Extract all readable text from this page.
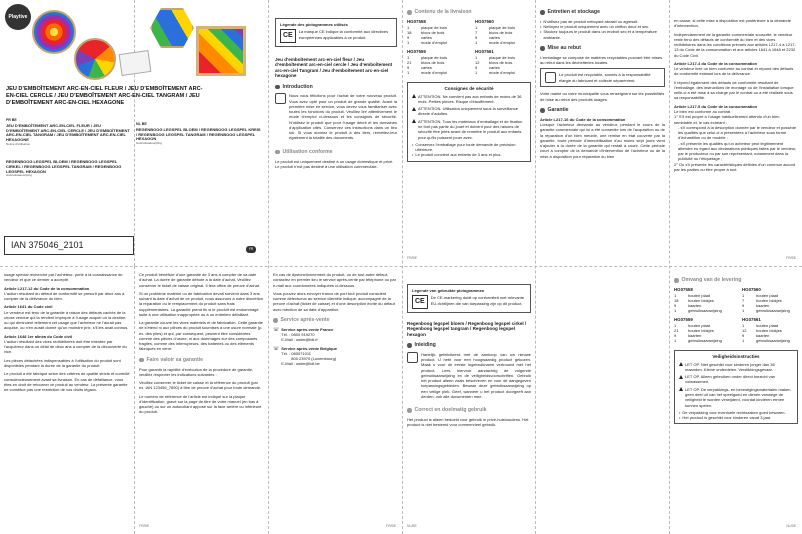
Playtive
JEU D’EMBOÎTEMENT ARC-EN-CIEL FLEUR / JEU D’EMBOÎTEMENT ARC-EN-CIEL CERCLE / JEU D’EMBOÎTEMENT ARC-EN-CIEL TANGRAM / JEU D’EMBOÎTEMENT ARC-EN-CIEL HEXAGONE
FR BE
JEU D’EMBOÎTEMENT ARC-EN-CIEL FLEUR / JEU D’EMBOÎTEMENT ARC-EN-CIEL CERCLE / JEU D’EMBOÎTEMENT ARC-EN-CIEL TANGRAM / JEU D’EMBOÎTEMENT ARC-EN-CIEL HEXAGONE
Notice d’utilisation
NL BE
REGENBOOG LEGSPEL BLOEM / REGENBOOG LEGSPEL KREIS / REGENBOOG LEGSPEL TANGRAM / REGENBOOG LEGSPEL HEXAGON
Gebruiksaanwijzing
REGENBOOG LEGSPEL BLOEM / REGENBOOG LEGSPEL CIRKEL / REGENBOOG LEGSPEL TANGRAM / REGENBOOG LEGSPEL HEXAGON
Gebruiksaanwijzing
IAN 375046_2101	FR
Légende des pictogrammes utilisés
CE
La marque CE indique la conformité aux directives européennes applicables à ce produit.
Jeu d’emboîtement arc-en-ciel fleur / Jeu d’emboîtement arc-en-ciel cercle / Jeu d’emboîtement arc-en-ciel Tangram / Jeu d’emboîtement arc-en-ciel hexagone
Introduction

Nous vous félicitons pour l’achat de votre nouveau produit. Vous avez opté pour un produit de grande qualité. Avant la première mise en service, vous devez vous familiariser avec toutes les fonctions du produit. Veuillez lire attentivement le mode d’emploi ci-dessous et les consignes de sécurité. N’utilisez le produit que pour l’usage décrit et les domaines d’application cités. Conservez ces instructions dans un lieu sûr. Si vous donnez le produit à des tiers, remettez-leur également la totalité des documents.

Utilisation conforme

Le produit est uniquement destiné à un usage domestique et privé. Le produit n’est pas destiné à une utilisation commerciale.

Contenu de la livraison
HG07558
1	plaque de bois
18	blocs de bois
9	cartes
1	mode d’emploi
HG07560
1	plaque de bois
7	blocs de bois
9	cartes
1	mode d’emploi
HG07559
1	plaque de bois
21	blocs de bois
9	cartes
1	mode d’emploi
HG07561
1	plaque de bois
12	blocs de bois
9	cartes
1	mode d’emploi
Consignes de sécurité
ATTENTION. Ne convient pas aux enfants de moins de 36 mois. Petites pièces. Risque d’étouffement.
ATTENTION. Utilisation uniquement sous la surveillance directe d’adultes.
ATTENTION. Tous les matériaux d’emballage et de fixation ne font pas partie du jouet et doivent pour des raisons de sécurité être jetés avant de remettre le produit aux enfants pour qu’ils puissent jouer avec.
• Conservez l’emballage pour toute demande de précision ultérieure.
• Le produit convient aux enfants de 3 ans et plus.
FR/BE
Entretien et stockage
• N’utilisez pas de produit nettoyant abrasif ou agressif.
• Nettoyez le produit uniquement avec un chiffon doux et sec.
• Stockez toujours le produit dans un endroit sec et à température ambiante.
Mise au rebut

L’emballage se compose de matières recyclables pouvant être mises au rebut dans les déchetteries locales.

Le produit est recyclable, soumis à la responsabilité élargie du fabricant et collecté séparément.

Votre mairie ou votre municipalité vous renseignent sur les possibilités de mise au rebut des produits usagés.

Garantie
Article L217-16 du Code de la consommation

Lorsque l’acheteur demande au vendeur, pendant le cours de la garantie commerciale qui lui a été consentie lors de l’acquisition ou de la réparation d’un bien meuble, une remise en état couverte par la garantie, toute période d’immobilisation d’au moins sept jours vient s’ajouter à la durée de la garantie qui restait à courir. Cette période court à compter de la demande d’intervention de l’acheteur ou de la mise à disposition pour réparation du bien

en cause, si cette mise à disposition est postérieure à la demande d’intervention.

Indépendamment de la garantie commerciale souscrite, le vendeur reste tenu des défauts de conformité du bien et des vices rédhibitoires dans les conditions prévues aux articles L217-4 à L217-13 du Code de la consommation et aux articles 1641 à 1648 et 2232 du Code Civil.

Article L217-4 du Code de la consommation

Le vendeur livre un bien conforme au contrat et répond des défauts de conformité existant lors de la délivrance.

Il répond également des défauts de conformité résultant de l’emballage, des instructions de montage ou de l’installation lorsque celle-ci a été mise à sa charge par le contrat ou a été réalisée sous sa responsabilité.

Article L217-5 du Code de la consommation
Le bien est conforme au contrat :
1° S’il est propre à l’usage habituellement attendu d’un bien semblable et, le cas échéant :
- s’il correspond à la description donnée par le vendeur et possède les qualités que celui-ci a présentées à l’acheteur sous forme d’échantillon ou de modèle ;
- s’il présente les qualités qu’un acheteur peut légitimement attendre eu égard aux déclarations publiques faites par le vendeur, par le producteur ou par son représentant, notamment dans la publicité ou l’étiquetage ;
2° Ou s’il présente les caractéristiques définies d’un commun accord par les parties ou être propre à tout
FR/BE

usage spécial recherché par l’acheteur, porté à la connaissance du vendeur et que ce dernier a accepté.

Article L217-12 du Code de la consommation

L’action résultant du défaut de conformité se prescrit par deux ans à compter de la délivrance du bien.

Article 1641 du Code civil

Le vendeur est tenu de la garantie à raison des défauts cachés de la chose vendue qui la rendent impropre à l’usage auquel on la destine, ou qui diminuent tellement cet usage que l’acheteur ne l’aurait pas acquise, ou n’en aurait donné qu’un moindre prix, s’il les avait connus.

Article 1648 1er alinéa du Code civil

L’action résultant des vices rédhibitoires doit être intentée par l’acquéreur dans un délai de deux ans à compter de la découverte du vice.

Les pièces détachées indispensables à l’utilisation du produit sont disponibles pendant la durée de la garantie du produit.

Le produit a été fabriqué selon des critères de qualité stricts et contrôlé consciencieusement avant sa livraison. En cas de défaillance, vous êtes en droit de retourner ce produit au vendeur. La présente garantie ne constitue pas une restriction de vos droits légaux.

Ce produit bénéficie d’une garantie de 3 ans à compter de sa date d’achat. La durée de garantie débute à la date d’achat. Veuillez conserver le ticket de caisse original. Il fera office de preuve d’achat.

Si un problème matériel ou de fabrication devait survenir dans 3 ans suivant la date d’achat de ce produit, nous assurons à notre discrétion la réparation ou le remplacement du produit sans frais supplémentaires. La garantie prend fin si le produit est endommagé suite à une utilisation inappropriée ou à un entretien défaillant.

La garantie couvre les vices matériels et de fabrication. Cette garantie ne s’étend ni aux pièces du produit soumises à une usure normale (p. ex. des piles) et qui, par conséquent, peuvent être considérées comme des pièces d’usure, ni aux dommages sur des composants fragiles, comme des interrupteurs, des batteries ou des éléments fabriqués en verre.

Faire valoir sa garantie

Pour garantir la rapidité d’exécution de la procédure de garantie, veuillez respecter les indications suivantes :

Veuillez conserver le ticket de caisse et la référence du produit (par ex. IAN 123456_7890) à titre de preuve d’achat pour toute demande.

Le numéro de référence de l’article est indiqué sur la plaque d’identification, gravé sur la page de titre de votre manuel (en bas à gauche) ou sur un autocollant apposé sur la face arrière ou inférieure du produit.

FR/BE

En cas de dysfonctionnement du produit, ou de tout autre défaut, contactez en premier lieu le service après-vente par téléphone ou par e-mail aux coordonnées indiquées ci-dessous.

Vous pouvez alors envoyer franco de port tout produit considéré comme défectueux au service clientèle indiqué, accompagné de la preuve d’achat (ticket de caisse) et d’une description écrite du défaut avec mention de sa date d’apparition.

Service après-vente
☏ Service après-vente France
Tél. : 0800 919270
E-Mail : owim@lidl.fr
☏ Service après-vente Belgique
Tél. : 080071011
800 23970 (Luxembourg)
E-Mail : owim@lidl.be
FR/BE
Legende van gebruikte pictogrammen
CE
De CE-markering duidt op conformiteit met relevante EU-richtlijnen die van toepassing zijn op dit product.
Regenboog legspel bloem / Regenboog legspel cirkel / Regenboog legspel tangram / Regenboog legspel hexagon
Inleiding

Hartelijk gefeliciteerd met de aankoop van uw nieuwe product. U hebt voor een hoogwaardig product gekozen. Maak u voor de eerste ingebruikname vertrouwd met het product. Lees hiervoor aandachtig de volgende gebruiksaanwijzing en de veiligheidsvoorschriften. Gebruik het product alleen zoals beschreven en voor de aangegeven toepassingsgebieden. Bewaar deze gebruiksaanwijzing op een veilige plek. Geef, wanneer u het product doorgeeft aan derden, ook alle documenten mee.

Correct en doelmatig gebruik

Het product is alleen bedoeld voor gebruik in privé-huishoudens. Het product is niet bestemd voor commercieel gebruik.

NL/BE
Omvang van de levering
HG07558
1	houten plaat
18	houten blokjes
9	kaarten
1	gebruiksaanwijzing
HG07560
1	houten plaat
7	houten blokjes
9	kaarten
1	gebruiksaanwijzing
HG07559
1	houten plaat
21	houten blokjes
9	kaarten
1	gebruiksaanwijzing
HG07561
1	houten plaat
12	houten blokjes
9	kaarten
1	gebruiksaanwijzing
Veiligheidsinstructies
LET OP. Niet geschikt voor kinderen jonger dan 36 maanden. Kleine onderdelen. Verstikkingsgevaar.
LET OP. Alleen gebruiken onder direct toezicht van volwassenen.
LET OP. De verpakkings- en bevestigingsmaterialen maken geen deel uit van het speelgoed en dienen vanwege de veiligheid te worden verwijderd, voordat kinderen ermee kunnen spelen.
• De verpakking voor eventuele rechtszaken goed bewaren.
• Het product is geschikt voor kinderen vanaf 3 jaar.
NL/BE
